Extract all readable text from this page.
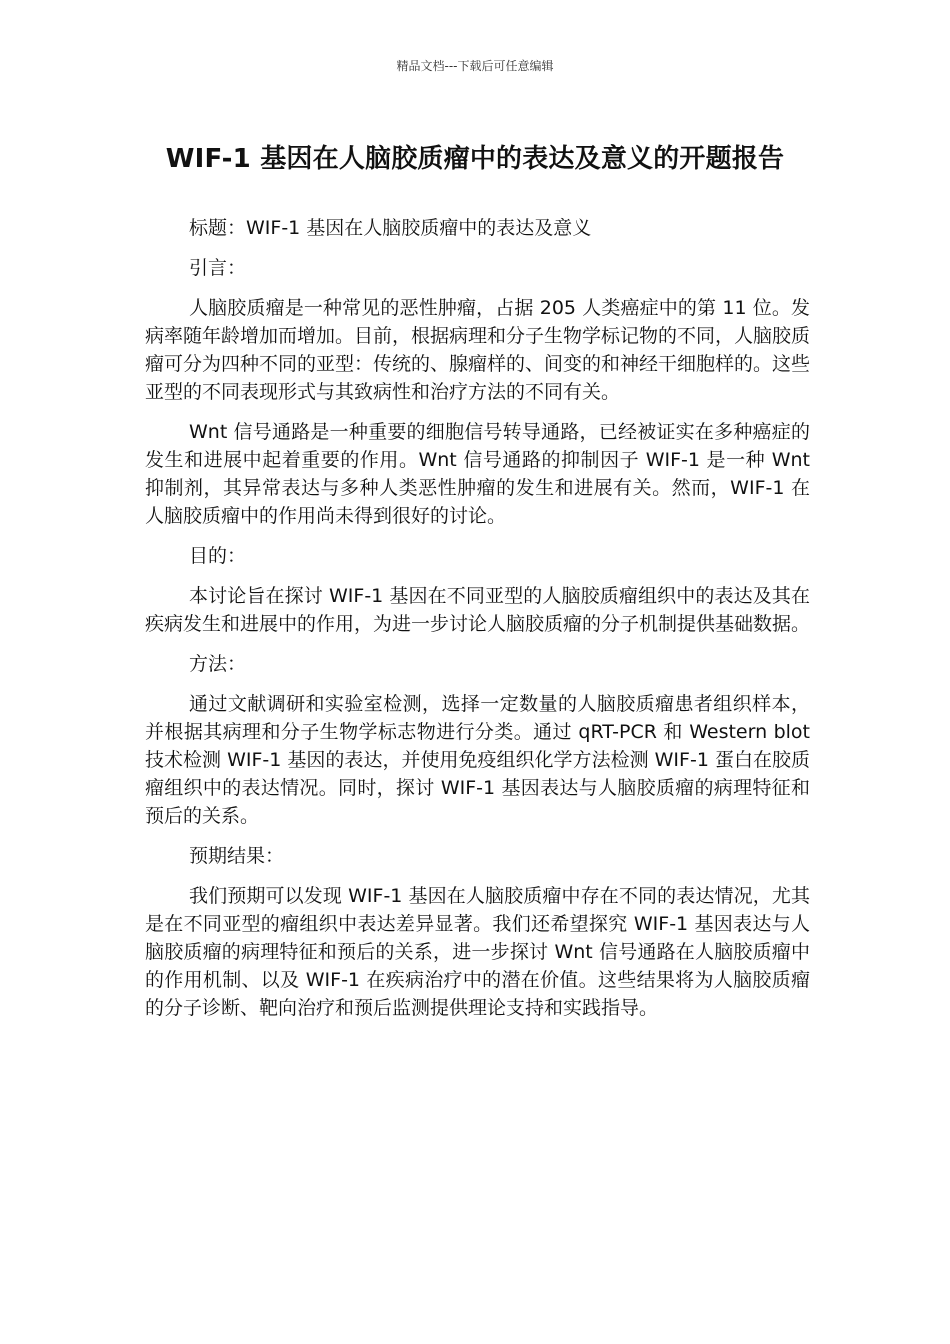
精品文档---下载后可任意编辑
WIF-1 基因在人脑胶质瘤中的表达及意义的开题报告

标题：WIF-1 基因在人脑胶质瘤中的表达及意义

引言：

人脑胶质瘤是一种常见的恶性肿瘤，占据 205 人类癌症中的第 11 位。发病率随年龄增加而增加。目前，根据病理和分子生物学标记物的不同，人脑胶质瘤可分为四种不同的亚型：传统的、腺瘤样的、间变的和神经干细胞样的。这些亚型的不同表现形式与其致病性和治疗方法的不同有关。

Wnt 信号通路是一种重要的细胞信号转导通路，已经被证实在多种癌症的发生和进展中起着重要的作用。Wnt 信号通路的抑制因子 WIF-1 是一种 Wnt 抑制剂，其异常表达与多种人类恶性肿瘤的发生和进展有关。然而，WIF-1 在人脑胶质瘤中的作用尚未得到很好的讨论。

目的：

本讨论旨在探讨 WIF-1 基因在不同亚型的人脑胶质瘤组织中的表达及其在疾病发生和进展中的作用，为进一步讨论人脑胶质瘤的分子机制提供基础数据。

方法：

通过文献调研和实验室检测，选择一定数量的人脑胶质瘤患者组织样本，并根据其病理和分子生物学标志物进行分类。通过 qRT-PCR 和 Western blot 技术检测 WIF-1 基因的表达，并使用免疫组织化学方法检测 WIF-1 蛋白在胶质瘤组织中的表达情况。同时，探讨 WIF-1 基因表达与人脑胶质瘤的病理特征和预后的关系。

预期结果：

我们预期可以发现 WIF-1 基因在人脑胶质瘤中存在不同的表达情况，尤其是在不同亚型的瘤组织中表达差异显著。我们还希望探究 WIF-1 基因表达与人脑胶质瘤的病理特征和预后的关系，进一步探讨 Wnt 信号通路在人脑胶质瘤中的作用机制、以及 WIF-1 在疾病治疗中的潜在价值。这些结果将为人脑胶质瘤的分子诊断、靶向治疗和预后监测提供理论支持和实践指导。
